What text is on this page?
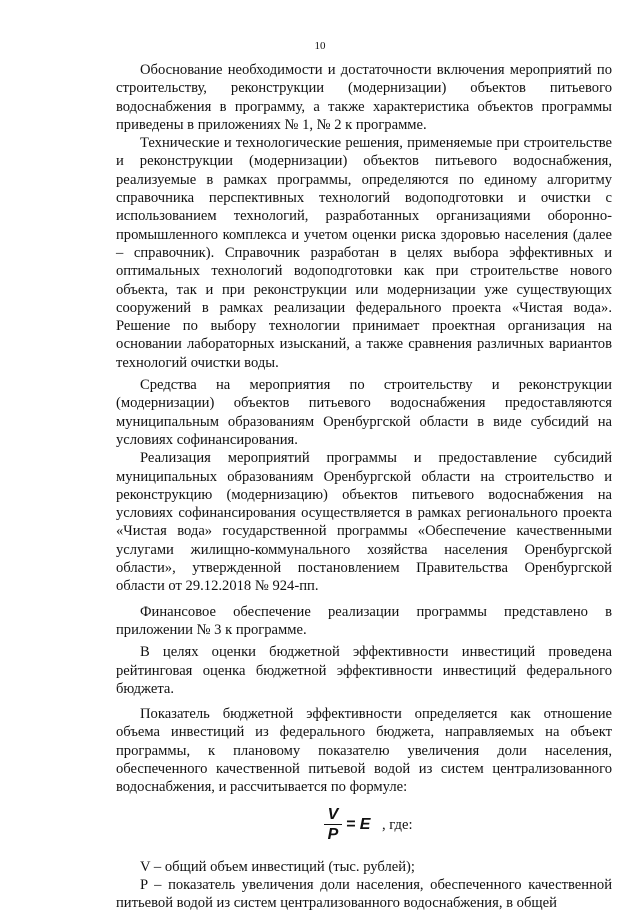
10

Обоснование необходимости и достаточности включения мероприятий по строительству, реконструкции (модернизации) объектов питьевого водоснабжения в программу, а также характеристика объектов программы приведены в приложениях № 1, № 2 к программе.

Технические и технологические решения, применяемые при строительстве и реконструкции (модернизации) объектов питьевого водоснабжения, реализуемые в рамках программы, определяются по единому алгоритму справочника перспективных технологий водоподготовки и очистки с использованием технологий, разработанных организациями оборонно-промышленного комплекса и учетом оценки риска здоровью населения (далее – справочник). Справочник разработан в целях выбора эффективных и оптимальных технологий водоподготовки как при строительстве нового объекта, так и при реконструкции или модернизации уже существующих сооружений в рамках реализации федерального проекта «Чистая вода». Решение по выбору технологии принимает проектная организация на основании лабораторных изысканий, а также сравнения различных вариантов технологий очистки воды.

Средства на мероприятия по строительству и реконструкции (модернизации) объектов питьевого водоснабжения предоставляются муниципальным образованиям Оренбургской области в виде субсидий на условиях софинансирования.

Реализация мероприятий программы и предоставление субсидий муниципальных образованиям Оренбургской области на строительство и реконструкцию (модернизацию) объектов питьевого водоснабжения на условиях софинансирования осуществляется в рамках регионального проекта «Чистая вода» государственной программы «Обеспечение качественными услугами жилищно-коммунального хозяйства населения Оренбургской области», утвержденной постановлением Правительства Оренбургской области от 29.12.2018 № 924-пп.

Финансовое обеспечение реализации программы представлено в приложении № 3 к программе.

В целях оценки бюджетной эффективности инвестиций проведена рейтинговая оценка бюджетной эффективности инвестиций федерального бюджета.

Показатель бюджетной эффективности определяется как отношение объема инвестиций из федерального бюджета, направляемых на объект программы, к плановому показателю увеличения доли населения, обеспеченного качественной питьевой водой из систем централизованного водоснабжения, и рассчитывается по формуле:

$\frac{V}{P} = E$ , где:

V – общий объем инвестиций (тыс. рублей);

P – показатель увеличения доли населения, обеспеченного качественной питьевой водой из систем централизованного водоснабжения, в общей
